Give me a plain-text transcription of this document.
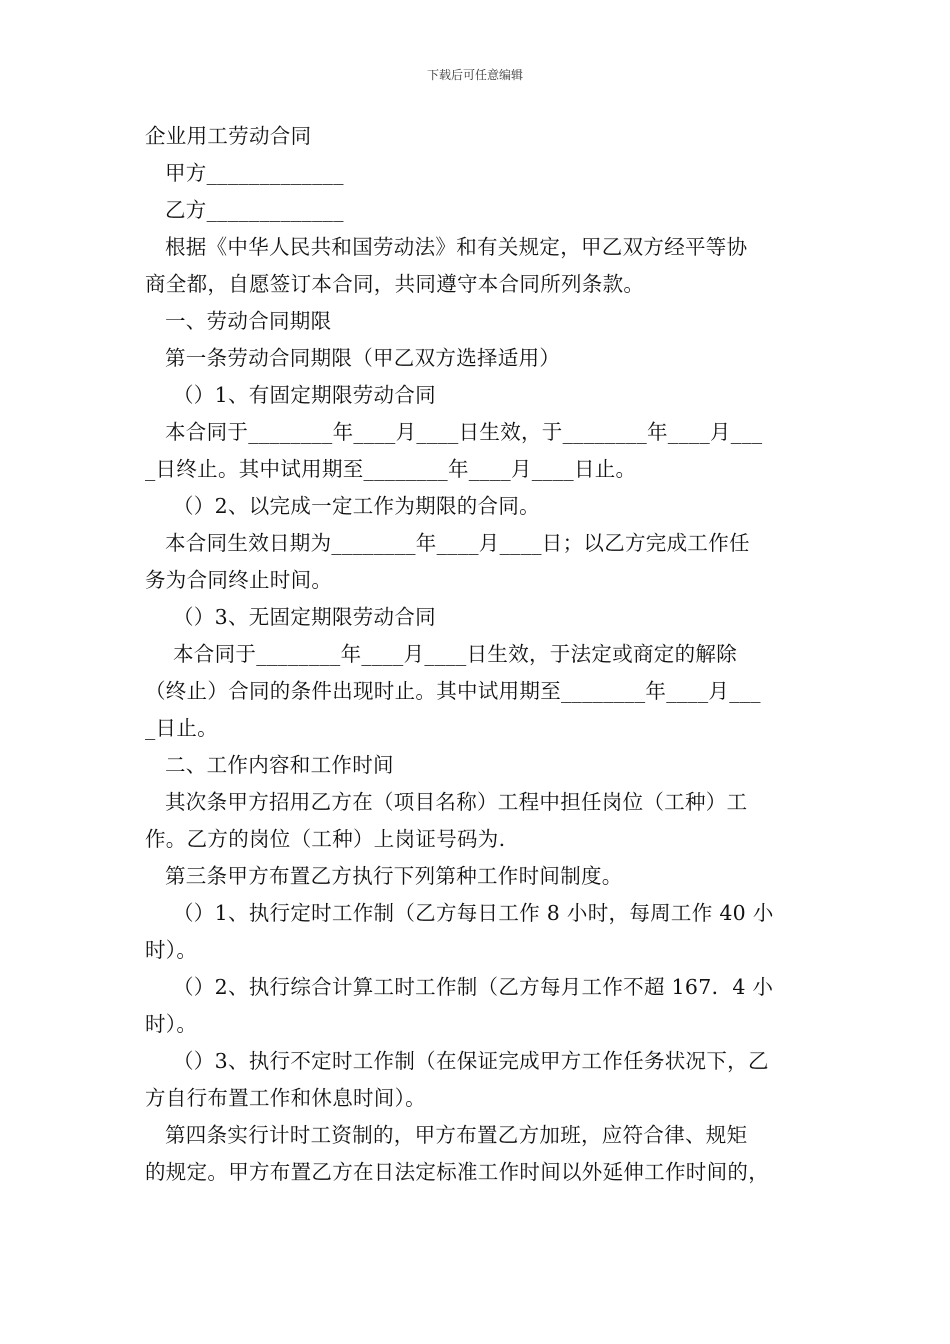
下载后可任意编辑
企业用工劳动合同
甲方_____________
乙方_____________
根据《中华人民共和国劳动法》和有关规定，甲乙双方经平等协
商全都，自愿签订本合同，共同遵守本合同所列条款。
一、劳动合同期限
第一条劳动合同期限（甲乙双方选择适用）
（）1、有固定期限劳动合同
本合同于________年____月____日生效，于________年____月___
_日终止。其中试用期至________年____月____日止。
（）2、以完成一定工作为期限的合同。
本合同生效日期为________年____月____日；以乙方完成工作任
务为合同终止时间。
（）3、无固定期限劳动合同
本合同于________年____月____日生效，于法定或商定的解除
（终止）合同的条件出现时止。其中试用期至________年____月___
_日止。
二、工作内容和工作时间
其次条甲方招用乙方在（项目名称）工程中担任岗位（工种）工
作。乙方的岗位（工种）上岗证号码为.
第三条甲方布置乙方执行下列第种工作时间制度。
（）1、执行定时工作制（乙方每日工作 8 小时，每周工作 40 小
时）。
（）2、执行综合计算工时工作制（乙方每月工作不超 167．4 小
时）。
（）3、执行不定时工作制（在保证完成甲方工作任务状况下，乙
方自行布置工作和休息时间）。
第四条实行计时工资制的，甲方布置乙方加班，应符合律、规矩
的规定。甲方布置乙方在日法定标准工作时间以外延伸工作时间的，
